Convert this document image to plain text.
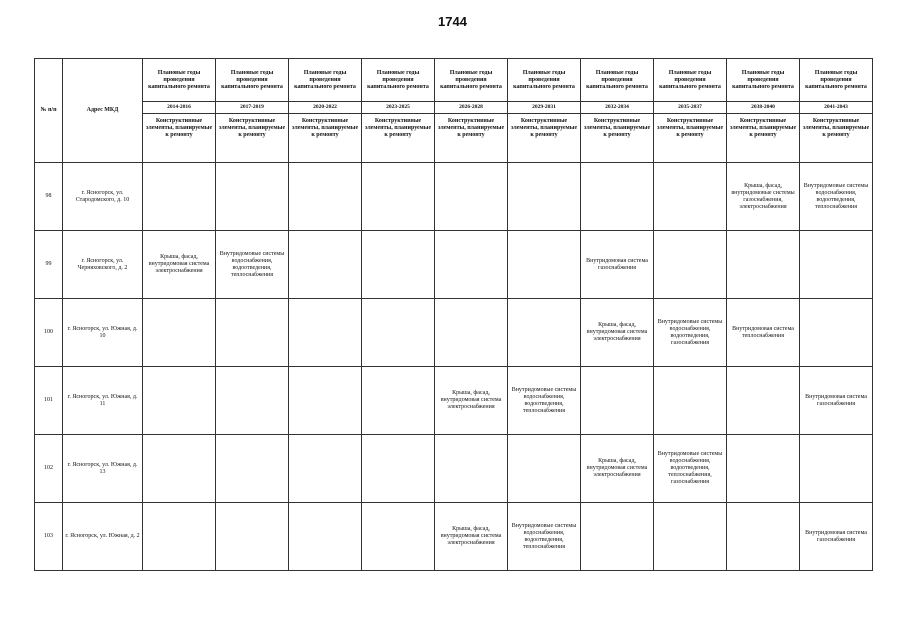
1744
№ п/п	Адрес МКД	Плановые годы проведения капитального ремонта	Плановые годы проведения капитального ремонта	Плановые годы проведения капитального ремонта	Плановые годы проведения капитального ремонта	Плановые годы проведения капитального ремонта	Плановые годы проведения капитального ремонта	Плановые годы проведения капитального ремонта	Плановые годы проведения капитального ремонта	Плановые годы проведения капитального ремонта	Плановые годы проведения капитального ремонта
		2014-2016	2017-2019	2020-2022	2023-2025	2026-2028	2029-2031	2032-2034	2035-2037	2038-2040	2041-2043
		Конструктивные элементы, планируемые к ремонту	Конструктивные элементы, планируемые к ремонту	Конструктивные элементы, планируемые к ремонту	Конструктивные элементы, планируемые к ремонту	Конструктивные элементы, планируемые к ремонту	Конструктивные элементы, планируемые к ремонту	Конструктивные элементы, планируемые к ремонту	Конструктивные элементы, планируемые к ремонту	Конструктивные элементы, планируемые к ремонту	Конструктивные элементы, планируемые к ремонту
98	г. Ясногорск, ул. Стародомского, д. 10									Крыша, фасад, внутридомовые системы газоснабжения, электроснабжения	Внутридомовые системы водоснабжения, водоотведения, теплоснабжения
99	г. Ясногорск, ул. Черняховского, д. 2	Крыша, фасад, внутридомовая система электроснабжения	Внутридомовые системы водоснабжения, водоотведения, теплоснабжения					Внутридомовая система газоснабжения			
100	г. Ясногорск, ул. Южная, д. 10							Крыша, фасад, внутридомовая система электроснабжения	Внутридомовые системы водоснабжения, водоотведения, газоснабжения	Внутридомовая система теплоснабжения	
101	г. Ясногорск, ул. Южная, д. 11					Крыша, фасад, внутридомовая система электроснабжения	Внутридомовые системы водоснабжения, водоотведения, теплоснабжения				Внутридомовая система газоснабжения
102	г. Ясногорск, ул. Южная, д. 13							Крыша, фасад, внутридомовая система электроснабжения	Внутридомовые системы водоснабжения, водоотведения, теплоснабжения, газоснабжения		
103	г. Ясногорск, ул. Южная, д. 2					Крыша, фасад, внутридомовая система электроснабжения	Внутридомовые системы водоснабжения, водоотведения, теплоснабжения				Внутридомовая система газоснабжения
